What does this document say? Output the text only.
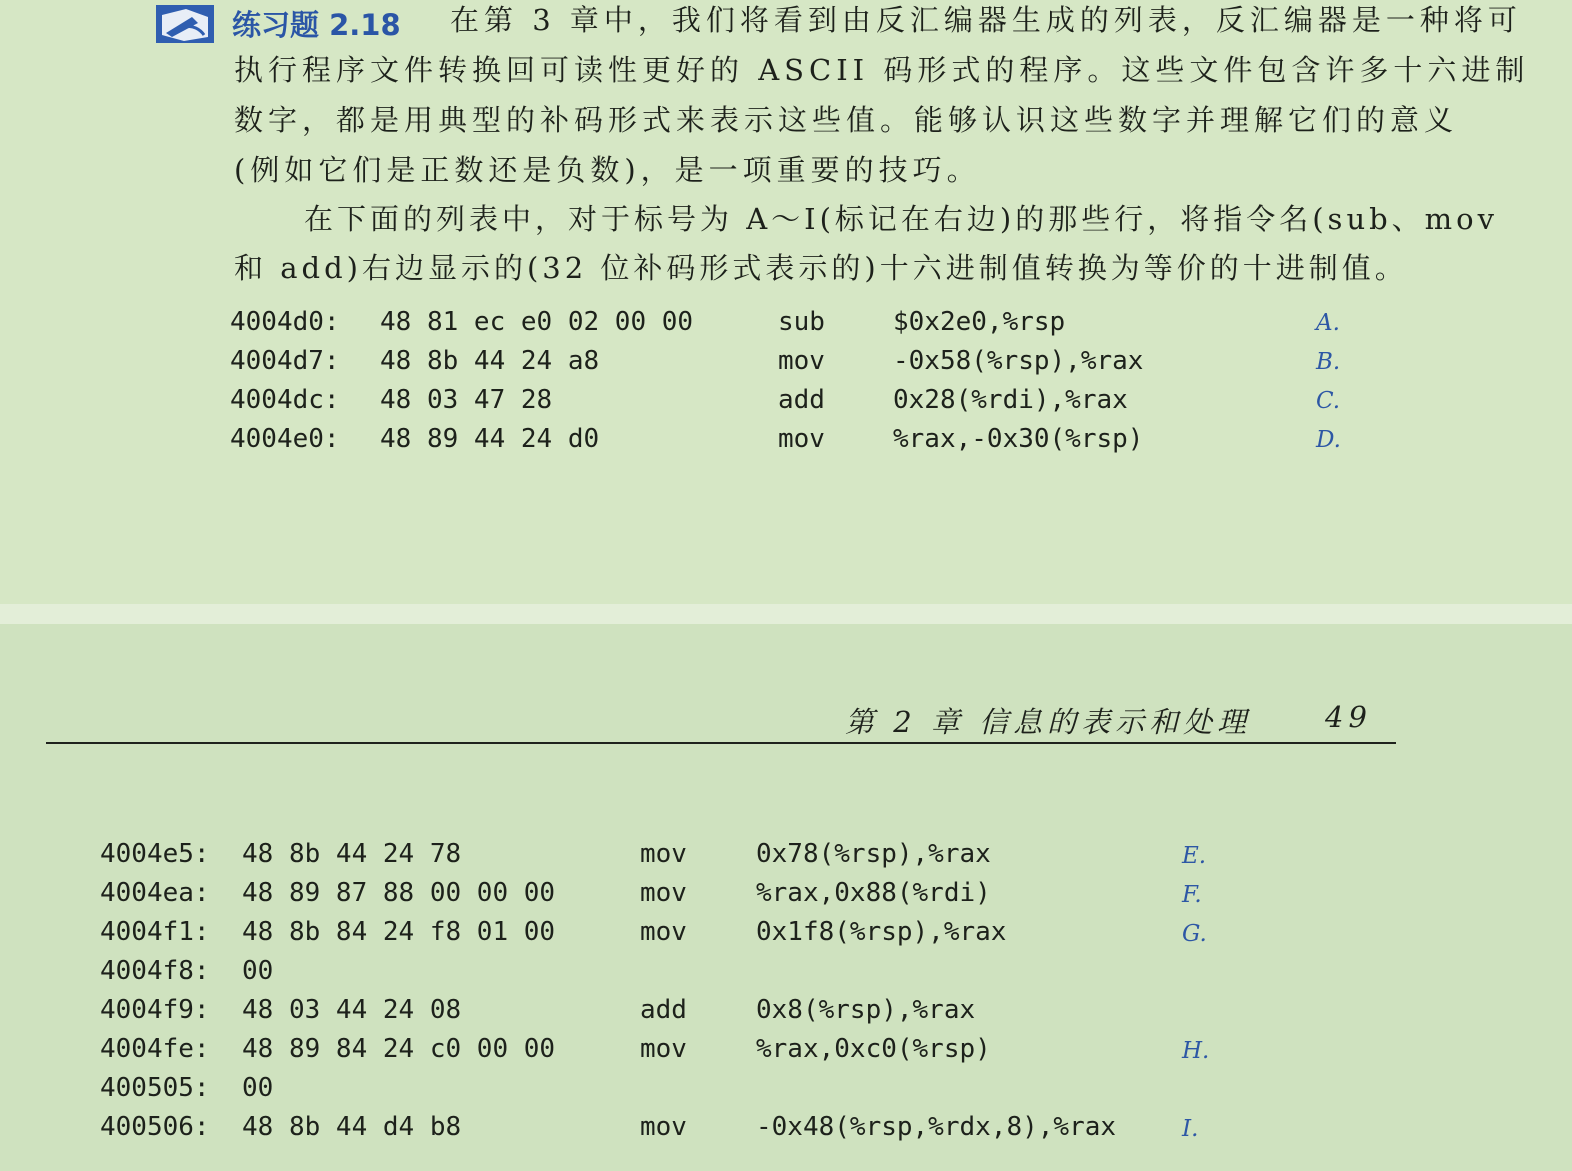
练习题 2.18 在第 3 章中，我们将看到由反汇编器生成的列表，反汇编器是一种将可
执行程序文件转换回可读性更好的 ASCII 码形式的程序。这些文件包含许多十六进制
数字，都是用典型的补码形式来表示这些值。能够认识这些数字并理解它们的意义
(例如它们是正数还是负数)，是一项重要的技巧。
在下面的列表中，对于标号为 A～I(标记在右边)的那些行，将指令名(sub、mov
和 add)右边显示的(32 位补码形式表示的)十六进制值转换为等价的十进制值。
4004d0: 48 81 ec e0 02 00 00	sub	$0x2e0,%rsp	A.
4004d7: 48 8b 44 24 a8	mov	-0x58(%rsp),%rax	B.
4004dc: 48 03 47 28	add	0x28(%rdi),%rax	C.
4004e0: 48 89 44 24 d0	mov	%rax,-0x30(%rsp)	D.
第 2 章 信息的表示和处理	49
4004e5: 48 8b 44 24 78	mov	0x78(%rsp),%rax	E.
4004ea: 48 89 87 88 00 00 00	mov	%rax,0x88(%rdi)	F.
4004f1: 48 8b 84 24 f8 01 00	mov	0x1f8(%rsp),%rax	G.
4004f8: 00
4004f9: 48 03 44 24 08	add	0x8(%rsp),%rax
4004fe: 48 89 84 24 c0 00 00	mov	%rax,0xc0(%rsp)	H.
400505: 00
400506: 48 8b 44 d4 b8	mov	-0x48(%rsp,%rdx,8),%rax	I.
